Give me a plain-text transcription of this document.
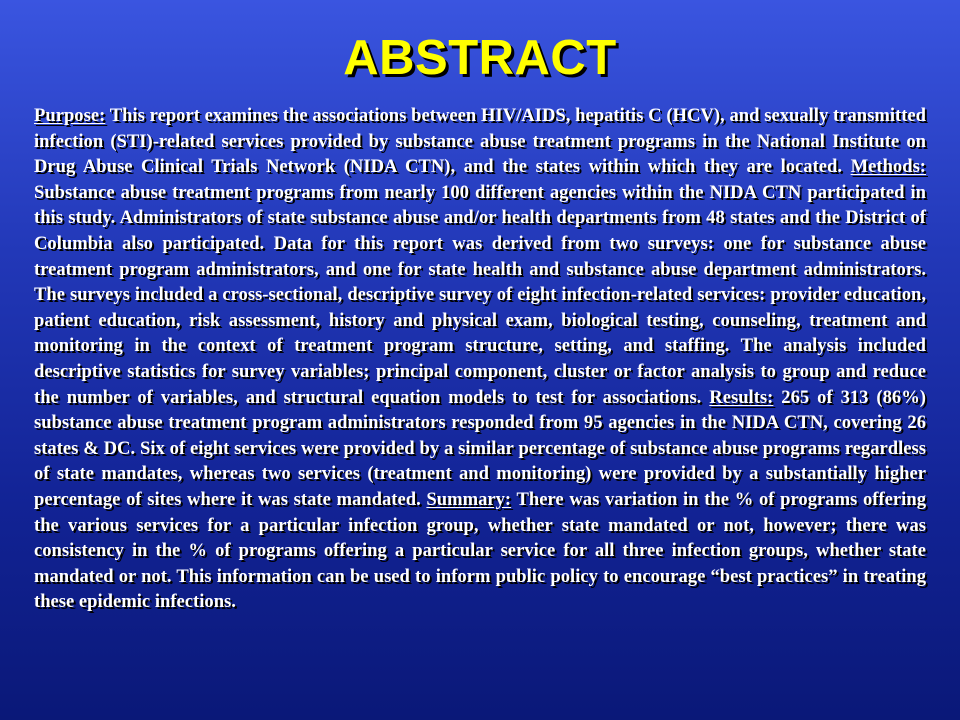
ABSTRACT

Purpose: This report examines the associations between HIV/AIDS, hepatitis C (HCV), and sexually transmitted infection (STI)-related services provided by substance abuse treatment programs in the National Institute on Drug Abuse Clinical Trials Network (NIDA CTN), and the states within which they are located. Methods: Substance abuse treatment programs from nearly 100 different agencies within the NIDA CTN participated in this study. Administrators of state substance abuse and/or health departments from 48 states and the District of Columbia also participated. Data for this report was derived from two surveys: one for substance abuse treatment program administrators, and one for state health and substance abuse department administrators. The surveys included a cross-sectional, descriptive survey of eight infection-related services: provider education, patient education, risk assessment, history and physical exam, biological testing, counseling, treatment and monitoring in the context of treatment program structure, setting, and staffing. The analysis included descriptive statistics for survey variables; principal component, cluster or factor analysis to group and reduce the number of variables, and structural equation models to test for associations. Results: 265 of 313 (86%) substance abuse treatment program administrators responded from 95 agencies in the NIDA CTN, covering 26 states & DC. Six of eight services were provided by a similar percentage of substance abuse programs regardless of state mandates, whereas two services (treatment and monitoring) were provided by a substantially higher percentage of sites where it was state mandated. Summary: There was variation in the % of programs offering the various services for a particular infection group, whether state mandated or not, however; there was consistency in the % of programs offering a particular service for all three infection groups, whether state mandated or not. This information can be used to inform public policy to encourage “best practices” in treating these epidemic infections.
